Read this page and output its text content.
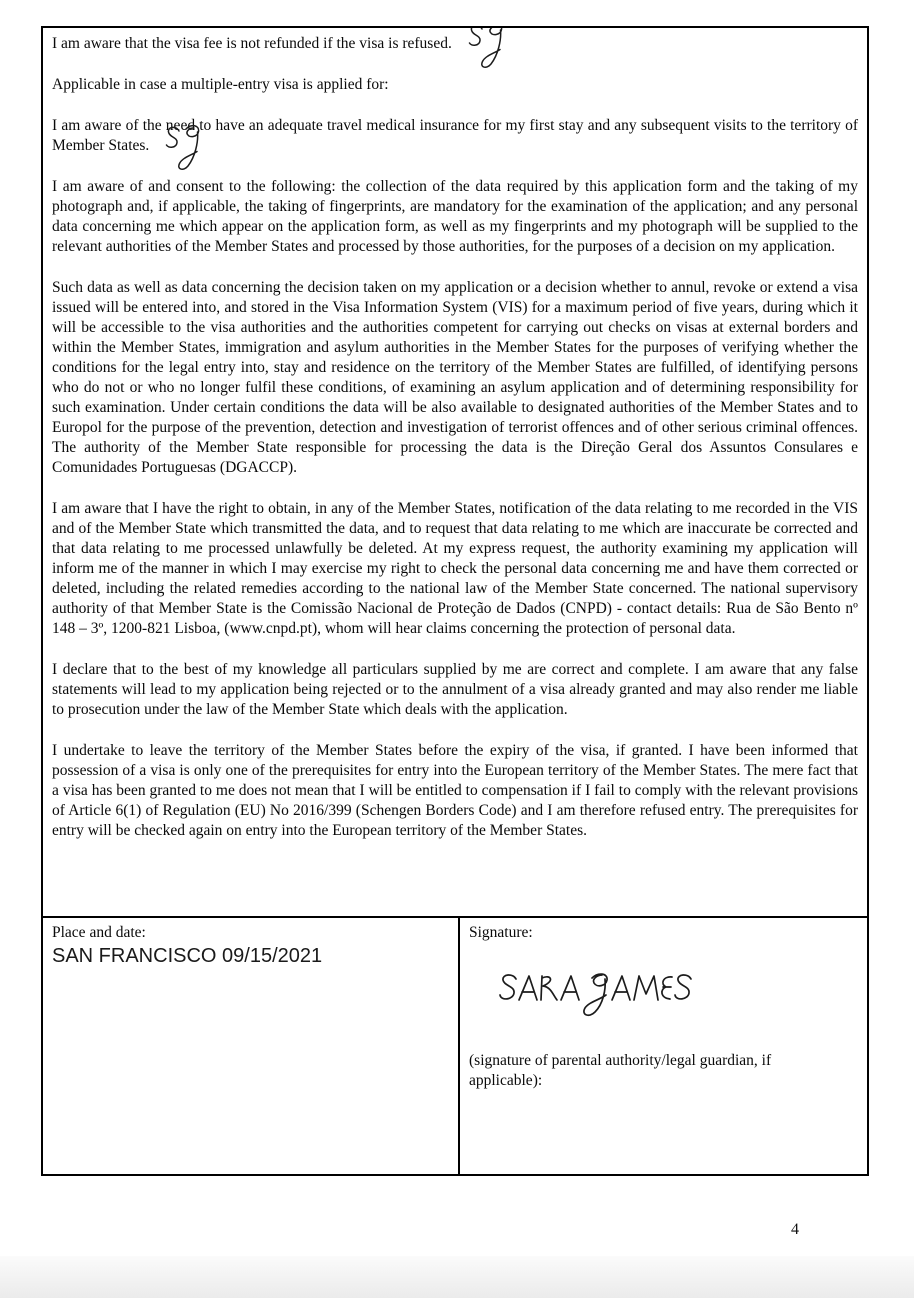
I am aware that the visa fee is not refunded if the visa is refused.

Applicable in case a multiple-entry visa is applied for:

I am aware of the need to have an adequate travel medical insurance for my first stay and any subsequent visits to the territory of Member States.

I am aware of and consent to the following: the collection of the data required by this application form and the taking of my photograph and, if applicable, the taking of fingerprints, are mandatory for the examination of the application; and any personal data concerning me which appear on the application form, as well as my fingerprints and my photograph will be supplied to the relevant authorities of the Member States and processed by those authorities, for the purposes of a decision on my application.

Such data as well as data concerning the decision taken on my application or a decision whether to annul, revoke or extend a visa issued will be entered into, and stored in the Visa Information System (VIS) for a maximum period of five years, during which it will be accessible to the visa authorities and the authorities competent for carrying out checks on visas at external borders and within the Member States, immigration and asylum authorities in the Member States for the purposes of verifying whether the conditions for the legal entry into, stay and residence on the territory of the Member States are fulfilled, of identifying persons who do not or who no longer fulfil these conditions, of examining an asylum application and of determining responsibility for such examination. Under certain conditions the data will be also available to designated authorities of the Member States and to Europol for the purpose of the prevention, detection and investigation of terrorist offences and of other serious criminal offences. The authority of the Member State responsible for processing the data is the Direção Geral dos Assuntos Consulares e Comunidades Portuguesas (DGACCP).

I am aware that I have the right to obtain, in any of the Member States, notification of the data relating to me recorded in the VIS and of the Member State which transmitted the data, and to request that data relating to me which are inaccurate be corrected and that data relating to me processed unlawfully be deleted. At my express request, the authority examining my application will inform me of the manner in which I may exercise my right to check the personal data concerning me and have them corrected or deleted, including the related remedies according to the national law of the Member State concerned. The national supervisory authority of that Member State is the Comissão Nacional de Proteção de Dados (CNPD) - contact details: Rua de São Bento nº 148 – 3º, 1200-821 Lisboa, (www.cnpd.pt), whom will hear claims concerning the protection of personal data.

I declare that to the best of my knowledge all particulars supplied by me are correct and complete. I am aware that any false statements will lead to my application being rejected or to the annulment of a visa already granted and may also render me liable to prosecution under the law of the Member State which deals with the application.

I undertake to leave the territory of the Member States before the expiry of the visa, if granted. I have been informed that possession of a visa is only one of the prerequisites for entry into the European territory of the Member States. The mere fact that a visa has been granted to me does not mean that I will be entitled to compensation if I fail to comply with the relevant provisions of Article 6(1) of Regulation (EU) No 2016/399 (Schengen Borders Code) and I am therefore refused entry. The prerequisites for entry will be checked again on entry into the European territory of the Member States.

Place and date:
SAN FRANCISCO 09/15/2021
Signature:
(signature of parental authority/legal guardian, if applicable):
4
